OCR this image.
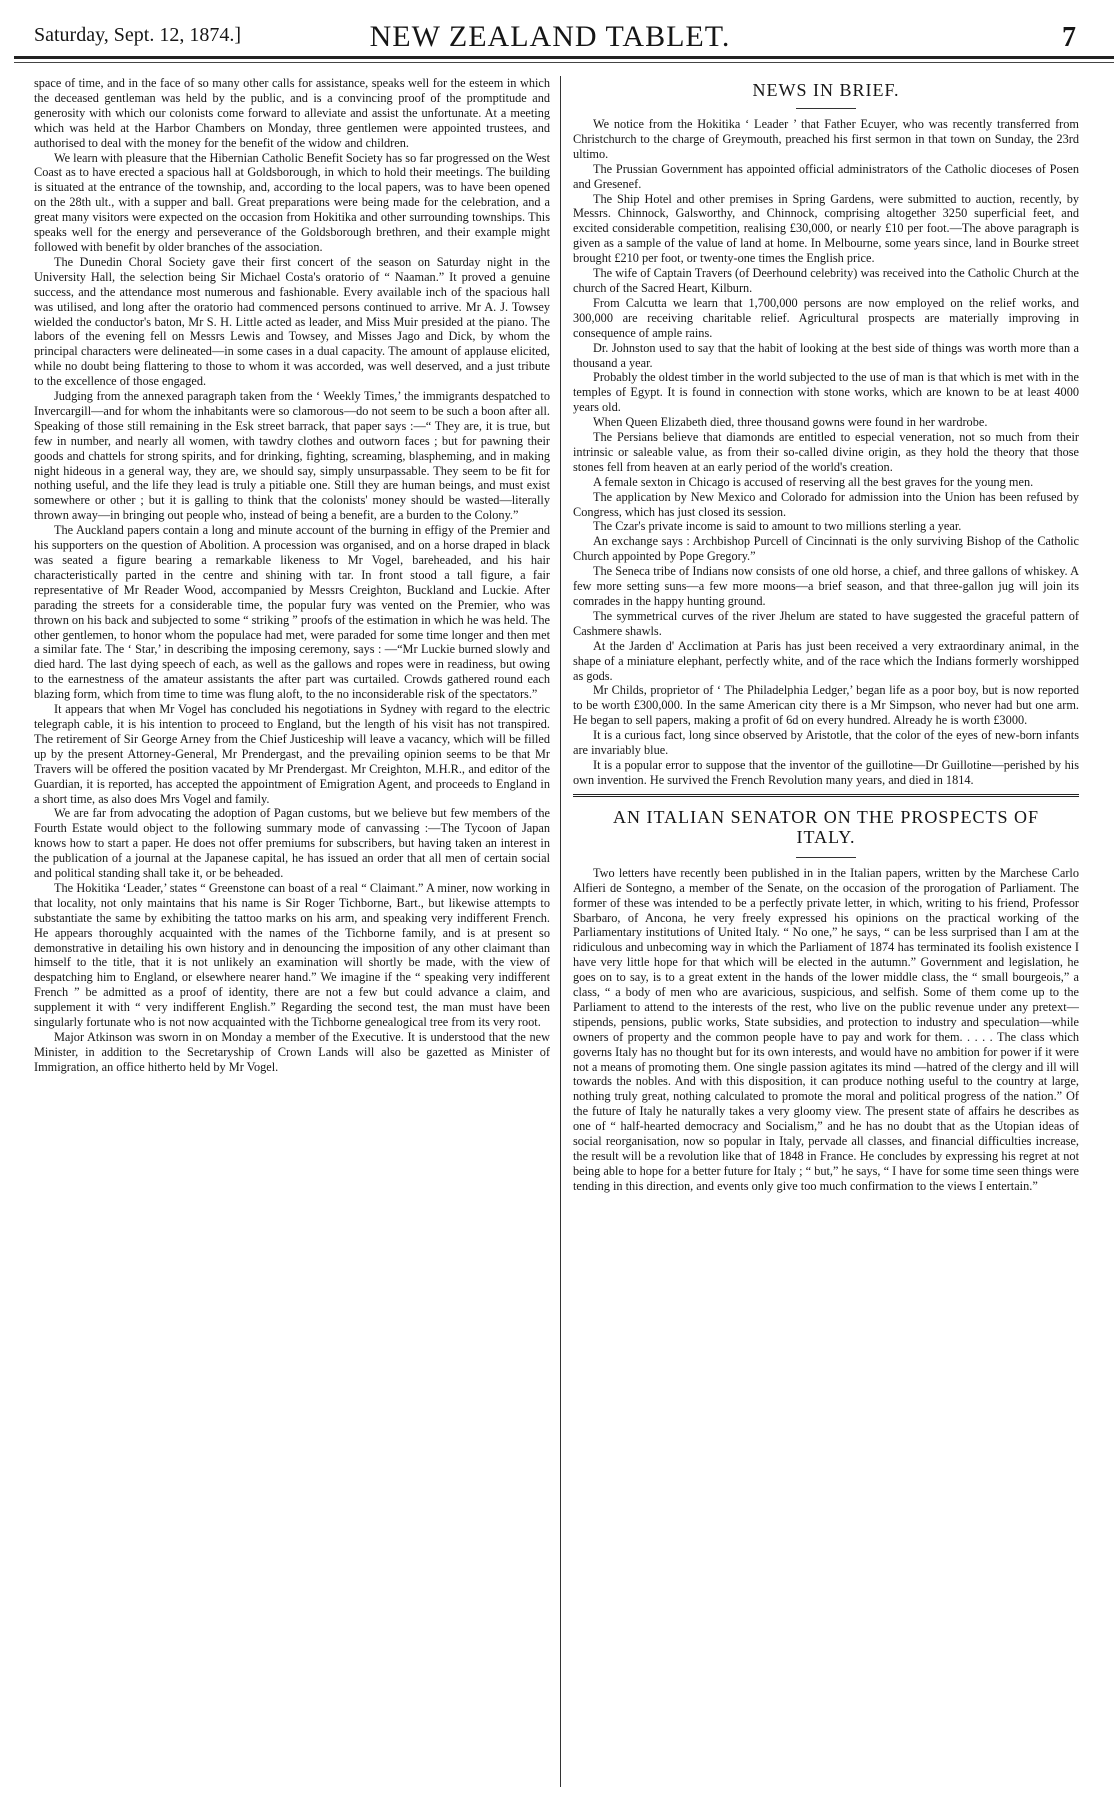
Saturday, Sept. 12, 1874.]	NEW ZEALAND TABLET.	7

space of time, and in the face of so many other calls for assistance, speaks well for the esteem in which the deceased gentleman was held by the public, and is a convincing proof of the promptitude and generosity with which our colonists come forward to alleviate and assist the unfortunate. At a meeting which was held at the Harbor Chambers on Monday, three gentlemen were appointed trustees, and authorised to deal with the money for the benefit of the widow and children.

We learn with pleasure that the Hibernian Catholic Benefit Society has so far progressed on the West Coast as to have erected a spacious hall at Goldsborough, in which to hold their meetings. The building is situated at the entrance of the township, and, according to the local papers, was to have been opened on the 28th ult., with a supper and ball. Great preparations were being made for the celebration, and a great many visitors were expected on the occasion from Hokitika and other surrounding townships. This speaks well for the energy and perseverance of the Goldsborough brethren, and their example might followed with benefit by older branches of the association.

The Dunedin Choral Society gave their first concert of the season on Saturday night in the University Hall, the selection being Sir Michael Costa's oratorio of “ Naaman.” It proved a genuine success, and the attendance most numerous and fashionable. Every available inch of the spacious hall was utilised, and long after the oratorio had commenced persons continued to arrive. Mr A. J. Towsey wielded the conductor's baton, Mr S. H. Little acted as leader, and Miss Muir presided at the piano. The labors of the evening fell on Messrs Lewis and Towsey, and Misses Jago and Dick, by whom the principal characters were delineated—in some cases in a dual capacity. The amount of applause elicited, while no doubt being flattering to those to whom it was accorded, was well deserved, and a just tribute to the excellence of those engaged.

Judging from the annexed paragraph taken from the ‘ Weekly Times,’ the immigrants despatched to Invercargill—and for whom the inhabitants were so clamorous—do not seem to be such a boon after all. Speaking of those still remaining in the Esk street barrack, that paper says :—“ They are, it is true, but few in number, and nearly all women, with tawdry clothes and outworn faces ; but for pawning their goods and chattels for strong spirits, and for drinking, fighting, screaming, blaspheming, and in making night hideous in a general way, they are, we should say, simply unsurpassable. They seem to be fit for nothing useful, and the life they lead is truly a pitiable one. Still they are human beings, and must exist somewhere or other ; but it is galling to think that the colonists' money should be wasted—literally thrown away—in bringing out people who, instead of being a benefit, are a burden to the Colony.”

The Auckland papers contain a long and minute account of the burning in effigy of the Premier and his supporters on the question of Abolition. A procession was organised, and on a horse draped in black was seated a figure bearing a remarkable likeness to Mr Vogel, bareheaded, and his hair characteristically parted in the centre and shining with tar. In front stood a tall figure, a fair representative of Mr Reader Wood, accompanied by Messrs Creighton, Buckland and Luckie. After parading the streets for a considerable time, the popular fury was vented on the Premier, who was thrown on his back and subjected to some “ striking ” proofs of the estimation in which he was held. The other gentlemen, to honor whom the populace had met, were paraded for some time longer and then met a similar fate. The ‘ Star,’ in describing the imposing ceremony, says : —“Mr Luckie burned slowly and died hard. The last dying speech of each, as well as the gallows and ropes were in readiness, but owing to the earnestness of the amateur assistants the after part was curtailed. Crowds gathered round each blazing form, which from time to time was flung aloft, to the no inconsiderable risk of the spectators.”

It appears that when Mr Vogel has concluded his negotiations in Sydney with regard to the electric telegraph cable, it is his intention to proceed to England, but the length of his visit has not transpired. The retirement of Sir George Arney from the Chief Justiceship will leave a vacancy, which will be filled up by the present Attorney-General, Mr Prendergast, and the prevailing opinion seems to be that Mr Travers will be offered the position vacated by Mr Prendergast. Mr Creighton, M.H.R., and editor of the Guardian, it is reported, has accepted the appointment of Emigration Agent, and proceeds to England in a short time, as also does Mrs Vogel and family.

We are far from advocating the adoption of Pagan customs, but we believe but few members of the Fourth Estate would object to the following summary mode of canvassing :—The Tycoon of Japan knows how to start a paper. He does not offer premiums for subscribers, but having taken an interest in the publication of a journal at the Japanese capital, he has issued an order that all men of certain social and political standing shall take it, or be beheaded.

The Hokitika ‘Leader,’ states “ Greenstone can boast of a real “ Claimant.” A miner, now working in that locality, not only maintains that his name is Sir Roger Tichborne, Bart., but likewise attempts to substantiate the same by exhibiting the tattoo marks on his arm, and speaking very indifferent French. He appears thoroughly acquainted with the names of the Tichborne family, and is at present so demonstrative in detailing his own history and in denouncing the imposition of any other claimant than himself to the title, that it is not unlikely an examination will shortly be made, with the view of despatching him to England, or elsewhere nearer hand.” We imagine if the “ speaking very indifferent French ” be admitted as a proof of identity, there are not a few but could advance a claim, and supplement it with “ very indifferent English.” Regarding the second test, the man must have been singularly fortunate who is not now acquainted with the Tichborne genealogical tree from its very root.

Major Atkinson was sworn in on Monday a member of the Executive. It is understood that the new Minister, in addition to the Secretaryship of Crown Lands will also be gazetted as Minister of Immigration, an office hitherto held by Mr Vogel.

NEWS IN BRIEF.

We notice from the Hokitika ‘ Leader ’ that Father Ecuyer, who was recently transferred from Christchurch to the charge of Greymouth, preached his first sermon in that town on Sunday, the 23rd ultimo.

The Prussian Government has appointed official administrators of the Catholic dioceses of Posen and Gresenef.

The Ship Hotel and other premises in Spring Gardens, were submitted to auction, recently, by Messrs. Chinnock, Galsworthy, and Chinnock, comprising altogether 3250 superficial feet, and excited considerable competition, realising £30,000, or nearly £10 per foot.—The above paragraph is given as a sample of the value of land at home. In Melbourne, some years since, land in Bourke street brought £210 per foot, or twenty-one times the English price.

The wife of Captain Travers (of Deerhound celebrity) was received into the Catholic Church at the church of the Sacred Heart, Kilburn.

From Calcutta we learn that 1,700,000 persons are now employed on the relief works, and 300,000 are receiving charitable relief. Agricultural prospects are materially improving in consequence of ample rains.

Dr. Johnston used to say that the habit of looking at the best side of things was worth more than a thousand a year.

Probably the oldest timber in the world subjected to the use of man is that which is met with in the temples of Egypt. It is found in connection with stone works, which are known to be at least 4000 years old.

When Queen Elizabeth died, three thousand gowns were found in her wardrobe.

The Persians believe that diamonds are entitled to especial veneration, not so much from their intrinsic or saleable value, as from their so-called divine origin, as they hold the theory that those stones fell from heaven at an early period of the world's creation.

A female sexton in Chicago is accused of reserving all the best graves for the young men.

The application by New Mexico and Colorado for admission into the Union has been refused by Congress, which has just closed its session.

The Czar's private income is said to amount to two millions sterling a year.

An exchange says : Archbishop Purcell of Cincinnati is the only surviving Bishop of the Catholic Church appointed by Pope Gregory.”

The Seneca tribe of Indians now consists of one old horse, a chief, and three gallons of whiskey. A few more setting suns—a few more moons—a brief season, and that three-gallon jug will join its comrades in the happy hunting ground.

The symmetrical curves of the river Jhelum are stated to have suggested the graceful pattern of Cashmere shawls.

At the Jarden d' Acclimation at Paris has just been received a very extraordinary animal, in the shape of a miniature elephant, perfectly white, and of the race which the Indians formerly worshipped as gods.

Mr Childs, proprietor of ‘ The Philadelphia Ledger,’ began life as a poor boy, but is now reported to be worth £300,000. In the same American city there is a Mr Simpson, who never had but one arm. He began to sell papers, making a profit of 6d on every hundred. Already he is worth £3000.

It is a curious fact, long since observed by Aristotle, that the color of the eyes of new-born infants are invariably blue.

It is a popular error to suppose that the inventor of the guillotine—Dr Guillotine—perished by his own invention. He survived the French Revolution many years, and died in 1814.

AN ITALIAN SENATOR ON THE PROSPECTS OF ITALY.

Two letters have recently been published in in the Italian papers, written by the Marchese Carlo Alfieri de Sontegno, a member of the Senate, on the occasion of the prorogation of Parliament. The former of these was intended to be a perfectly private letter, in which, writing to his friend, Professor Sbarbaro, of Ancona, he very freely expressed his opinions on the practical working of the Parliamentary institutions of United Italy. “ No one,” he says, “ can be less surprised than I am at the ridiculous and unbecoming way in which the Parliament of 1874 has terminated its foolish existence I have very little hope for that which will be elected in the autumn.” Government and legislation, he goes on to say, is to a great extent in the hands of the lower middle class, the “ small bourgeois,” a class, “ a body of men who are avaricious, suspicious, and selfish. Some of them come up to the Parliament to attend to the interests of the rest, who live on the public revenue under any pretext—stipends, pensions, public works, State subsidies, and protection to industry and speculation—while owners of property and the common people have to pay and work for them. . . . . The class which governs Italy has no thought but for its own interests, and would have no ambition for power if it were not a means of promoting them. One single passion agitates its mind —hatred of the clergy and ill will towards the nobles. And with this disposition, it can produce nothing useful to the country at large, nothing truly great, nothing calculated to promote the moral and political progress of the nation.” Of the future of Italy he naturally takes a very gloomy view. The present state of affairs he describes as one of “ half-hearted democracy and Socialism,” and he has no doubt that as the Utopian ideas of social reorganisation, now so popular in Italy, pervade all classes, and financial difficulties increase, the result will be a revolution like that of 1848 in France. He concludes by expressing his regret at not being able to hope for a better future for Italy ; “ but,” he says, “ I have for some time seen things were tending in this direction, and events only give too much confirmation to the views I entertain.”
